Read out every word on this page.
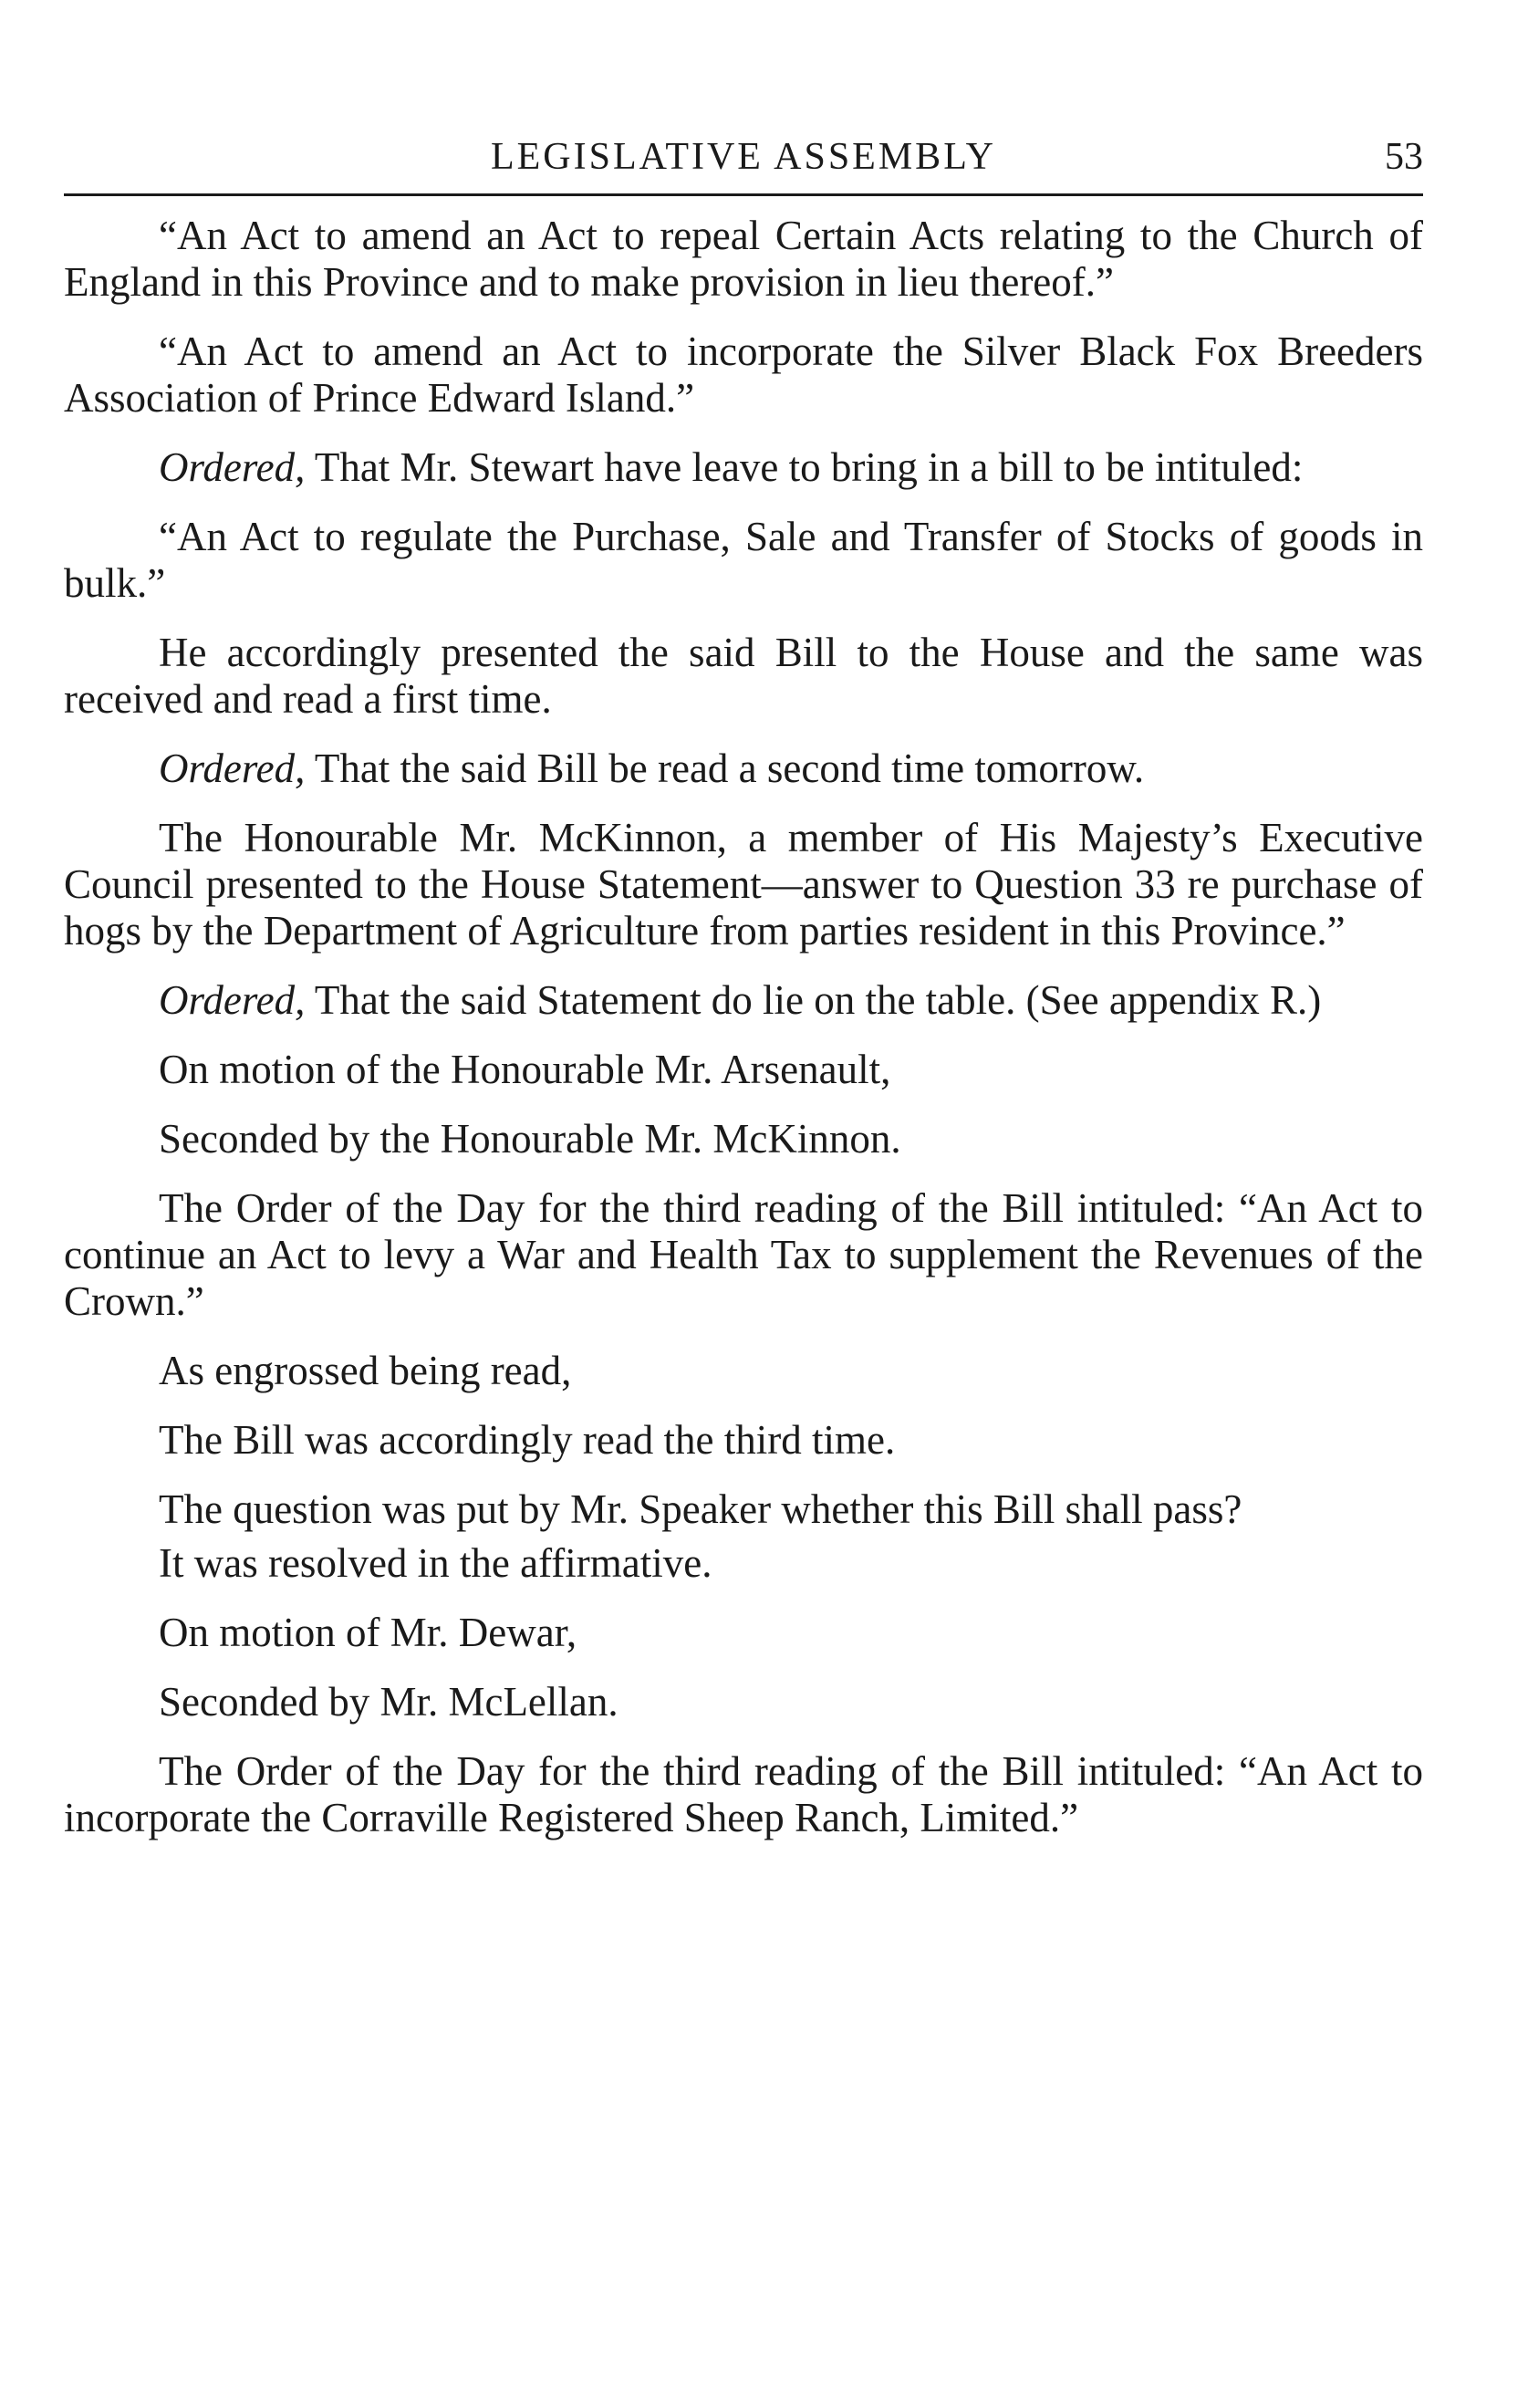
LEGISLATIVE ASSEMBLY	53

“An Act to amend an Act to repeal Certain Acts relating to the Church of England in this Province and to make provision in lieu thereof.”

“An Act to amend an Act to incorporate the Silver Black Fox Breeders Association of Prince Edward Island.”

Ordered, That Mr. Stewart have leave to bring in a bill to be intituled:

“An Act to regulate the Purchase, Sale and Transfer of Stocks of goods in bulk.”

He accordingly presented the said Bill to the House and the same was received and read a first time.

Ordered, That the said Bill be read a second time tomorrow.

The Honourable Mr. McKinnon, a member of His Majesty’s Executive Council presented to the House Statement—answer to Question 33 re purchase of hogs by the Department of Agriculture from parties resident in this Province.”

Ordered, That the said Statement do lie on the table. (See appendix R.)

On motion of the Honourable Mr. Arsenault,

Seconded by the Honourable Mr. McKinnon.

The Order of the Day for the third reading of the Bill intituled: “An Act to continue an Act to levy a War and Health Tax to supplement the Revenues of the Crown.”

As engrossed being read,

The Bill was accordingly read the third time.

The question was put by Mr. Speaker whether this Bill shall pass?

It was resolved in the affirmative.

On motion of Mr. Dewar,

Seconded by Mr. McLellan.

The Order of the Day for the third reading of the Bill intituled: “An Act to incorporate the Corraville Registered Sheep Ranch, Limited.”
